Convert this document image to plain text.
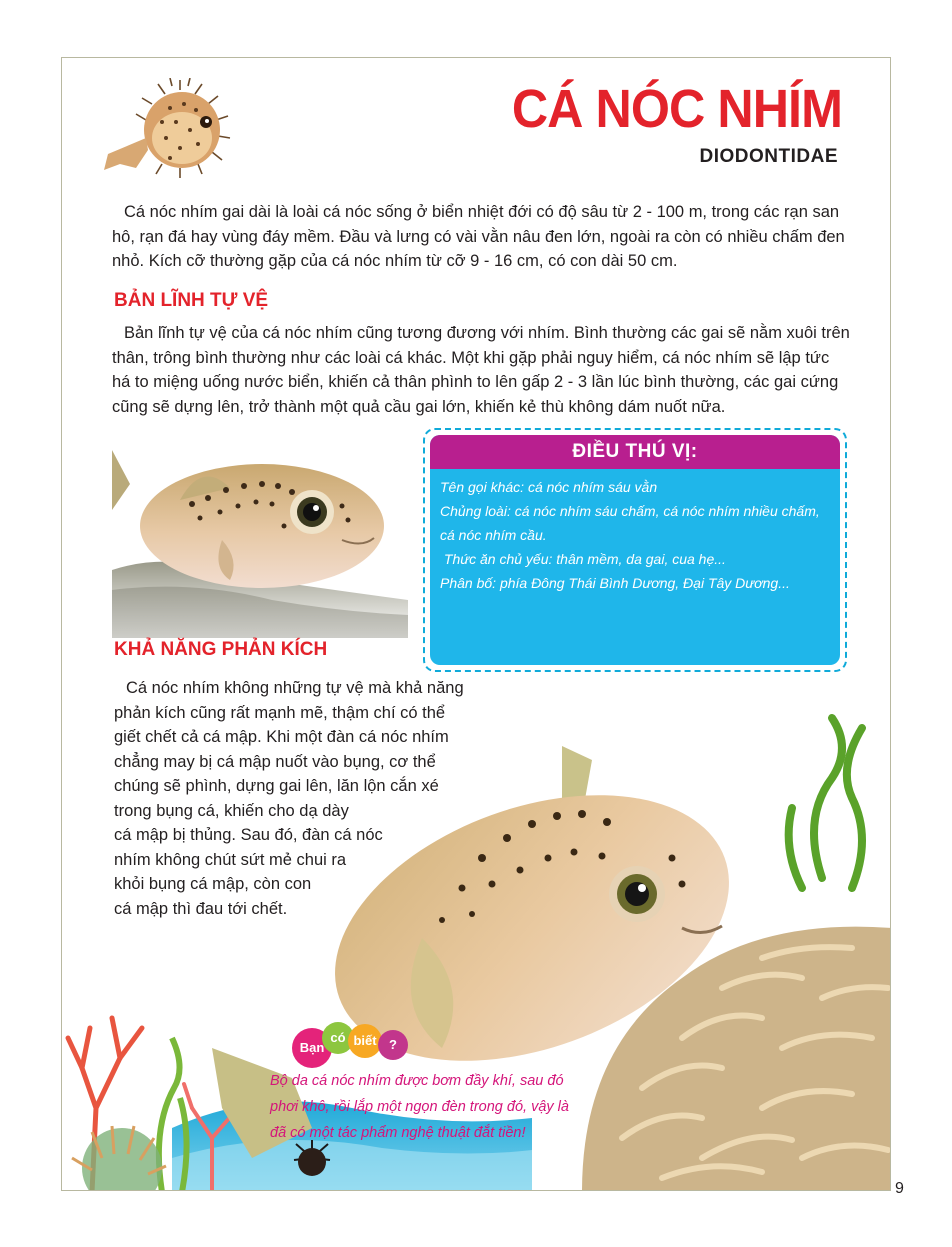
CÁ NÓC NHÍM
DIODONTIDAE

Cá nóc nhím gai dài là loài cá nóc sống ở biển nhiệt đới có độ sâu từ 2 - 100 m, trong các rạn san hô, rạn đá hay vùng đáy mềm. Đầu và lưng có vài vằn nâu đen lớn, ngoài ra còn có nhiều chấm đen nhỏ. Kích cỡ thường gặp của cá nóc nhím từ cỡ 9 - 16 cm, có con dài 50 cm.

BẢN LĨNH TỰ VỆ

Bản lĩnh tự vệ của cá nóc nhím cũng tương đương với nhím. Bình thường các gai sẽ nằm xuôi trên thân, trông bình thường như các loài cá khác. Một khi gặp phải nguy hiểm, cá nóc nhím sẽ lập tức há to miệng uống nước biển, khiến cả thân phình to lên gấp 2 - 3 lần lúc bình thường, các gai cứng cũng sẽ dựng lên, trở thành một quả cầu gai lớn, khiến kẻ thù không dám nuốt nữa.

ĐIỀU THÚ VỊ:
Tên gọi khác: cá nóc nhím sáu vằn
Chủng loài: cá nóc nhím sáu chấm, cá nóc nhím nhiều chấm,
cá nóc nhím cầu.
Thức ăn chủ yếu: thân mềm, da gai, cua hẹ...
Phân bố: phía Đông Thái Bình Dương, Đại Tây Dương...
KHẢ NĂNG PHẢN KÍCH
Cá nóc nhím không những tự vệ mà khả năng
phản kích cũng rất mạnh mẽ, thậm chí có thể
giết chết cả cá mập. Khi một đàn cá nóc nhím
chẳng may bị cá mập nuốt vào bụng, cơ thể
chúng sẽ phình, dựng gai lên, lăn lộn cắn xé
trong bụng cá, khiến cho dạ dày
cá mập bị thủng. Sau đó, đàn cá nóc
nhím không chút sứt mẻ chui ra
khỏi bụng cá mập, còn con
cá mập thì đau tới chết.
Bạn
có biết ?
Bộ da cá nóc nhím được bơm đầy khí, sau đó phơi khô, rồi lắp một ngọn đèn trong đó, vậy là đã có một tác phẩm nghệ thuật đắt tiền!
9
